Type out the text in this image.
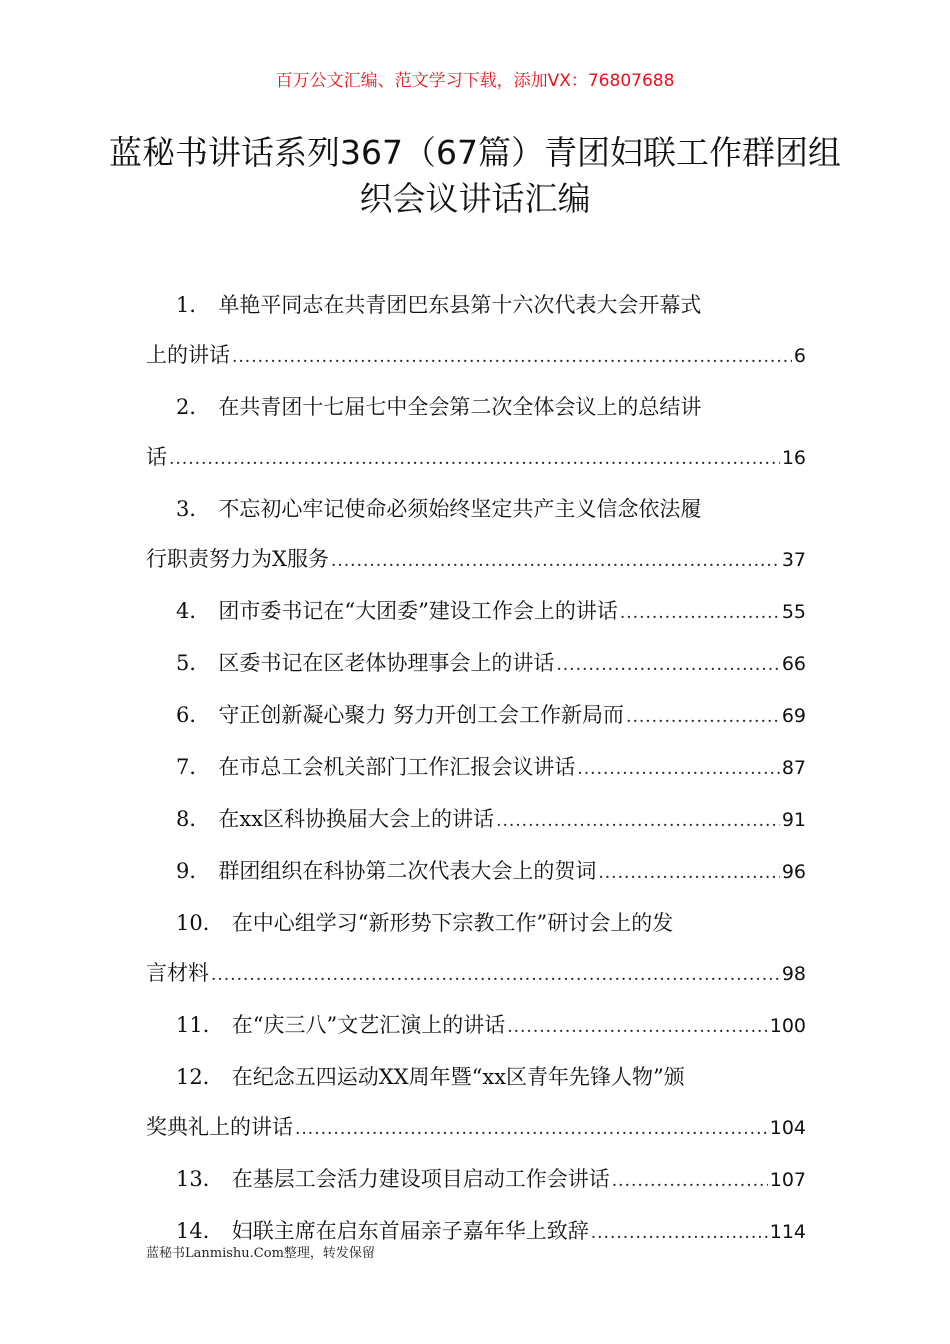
百万公文汇编、范文学习下载，添加VX：76807688
蓝秘书讲话系列367（67篇）青团妇联工作群团组织会议讲话汇编
1． 单艳平同志在共青团巴东县第十六次代表大会开幕式
上的讲话 .....	6
2． 在共青团十七届七中全会第二次全体会议上的总结讲
话 .....	16
3． 不忘初心牢记使命必须始终坚定共产主义信念依法履
行职责努力为X服务 .....	37
4． 团市委书记在“大团委”建设工作会上的讲话 .....	55
5． 区委书记在区老体协理事会上的讲话 .....	66
6． 守正创新凝心聚力 努力开创工会工作新局而 .....	69
7． 在市总工会机关部门工作汇报会议讲话 .....	87
8． 在xx区科协换届大会上的讲话 .....	91
9． 群团组织在科协第二次代表大会上的贺词 .....	96
10． 在中心组学习“新形势下宗教工作”研讨会上的发
言材料 .....	98
11． 在“庆三八”文艺汇演上的讲话 .....	100
12． 在纪念五四运动XX周年暨“xx区青年先锋人物”颁
奖典礼上的讲话 .....	104
13． 在基层工会活力建设项目启动工作会讲话 .....	107
14． 妇联主席在启东首届亲子嘉年华上致辞 .....	114
蓝秘书Lanmishu.Com整理，转发保留
